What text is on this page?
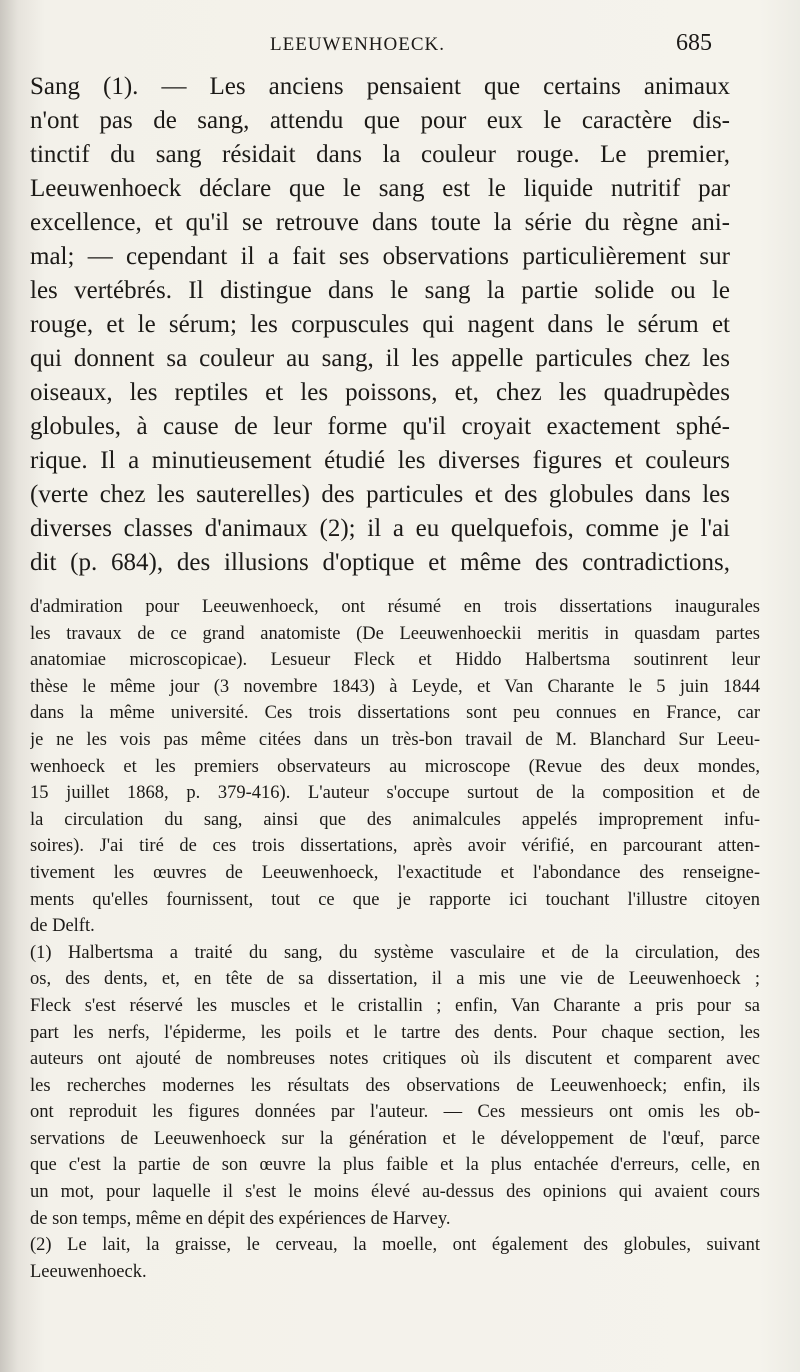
LEEUWENHOECK.	685
Sang (1). — Les anciens pensaient que certains animaux
n'ont pas de sang, attendu que pour eux le caractère dis-
tinctif du sang résidait dans la couleur rouge. Le premier,
Leeuwenhoeck déclare que le sang est le liquide nutritif par
excellence, et qu'il se retrouve dans toute la série du règne ani-
mal; — cependant il a fait ses observations particulièrement sur
les vertébrés. Il distingue dans le sang la partie solide ou le
rouge, et le sérum; les corpuscules qui nagent dans le sérum et
qui donnent sa couleur au sang, il les appelle particules chez les
oiseaux, les reptiles et les poissons, et, chez les quadrupèdes
globules, à cause de leur forme qu'il croyait exactement sphé-
rique. Il a minutieusement étudié les diverses figures et couleurs
(verte chez les sauterelles) des particules et des globules dans les
diverses classes d'animaux (2); il a eu quelquefois, comme je l'ai
dit (p. 684), des illusions d'optique et même des contradictions,
d'admiration pour Leeuwenhoeck, ont résumé en trois dissertations inaugurales
les travaux de ce grand anatomiste (De Leeuwenhoeckii meritis in quasdam partes
anatomiae microscopicae). Lesueur Fleck et Hiddo Halbertsma soutinrent leur
thèse le même jour (3 novembre 1843) à Leyde, et Van Charante le 5 juin 1844
dans la même université. Ces trois dissertations sont peu connues en France, car
je ne les vois pas même citées dans un très-bon travail de M. Blanchard Sur Leeu-
wenhoeck et les premiers observateurs au microscope (Revue des deux mondes,
15 juillet 1868, p. 379-416). L'auteur s'occupe surtout de la composition et de
la circulation du sang, ainsi que des animalcules appelés improprement infu-
soires). J'ai tiré de ces trois dissertations, après avoir vérifié, en parcourant atten-
tivement les œuvres de Leeuwenhoeck, l'exactitude et l'abondance des renseigne-
ments qu'elles fournissent, tout ce que je rapporte ici touchant l'illustre citoyen
de Delft.
(1) Halbertsma a traité du sang, du système vasculaire et de la circulation, des
os, des dents, et, en tête de sa dissertation, il a mis une vie de Leeuwenhoeck ;
Fleck s'est réservé les muscles et le cristallin ; enfin, Van Charante a pris pour sa
part les nerfs, l'épiderme, les poils et le tartre des dents. Pour chaque section, les
auteurs ont ajouté de nombreuses notes critiques où ils discutent et comparent avec
les recherches modernes les résultats des observations de Leeuwenhoeck; enfin, ils
ont reproduit les figures données par l'auteur. — Ces messieurs ont omis les ob-
servations de Leeuwenhoeck sur la génération et le développement de l'œuf, parce
que c'est la partie de son œuvre la plus faible et la plus entachée d'erreurs, celle, en
un mot, pour laquelle il s'est le moins élevé au-dessus des opinions qui avaient cours
de son temps, même en dépit des expériences de Harvey.
(2) Le lait, la graisse, le cerveau, la moelle, ont également des globules, suivant
Leeuwenhoeck.
